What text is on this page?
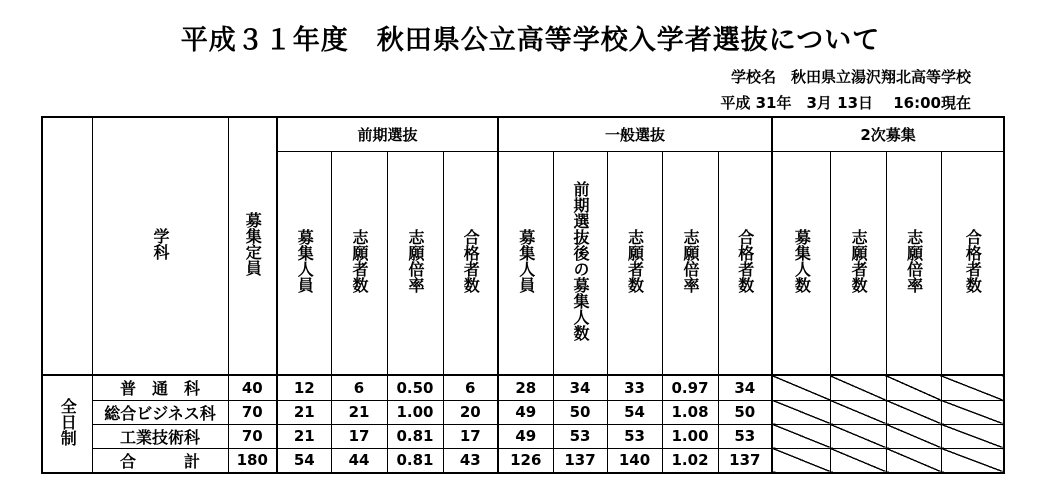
平成３１年度　秋田県公立高等学校入学者選抜について
学校名　秋田県立湯沢翔北高等学校
平成 31年　3月 13日　 16:00現在
	学科	募集定員	前期選抜				一般選抜					2次募集			
			募集人員	志願者数	志願倍率	合格者数	募集人員	前期選抜後の募集人数	志願者数	志願倍率	合格者数	募集人数	志願者数	志願倍率	合格者数
全日制	普　通　科	40	12	6	0.50	6	28	34	33	0.97	34				
	総合ビジネス科	70	21	21	1.00	20	49	50	54	1.08	50				
	工業技術科	70	21	17	0.81	17	49	53	53	1.00	53				
	合　　　計	180	54	44	0.81	43	126	137	140	1.02	137				
